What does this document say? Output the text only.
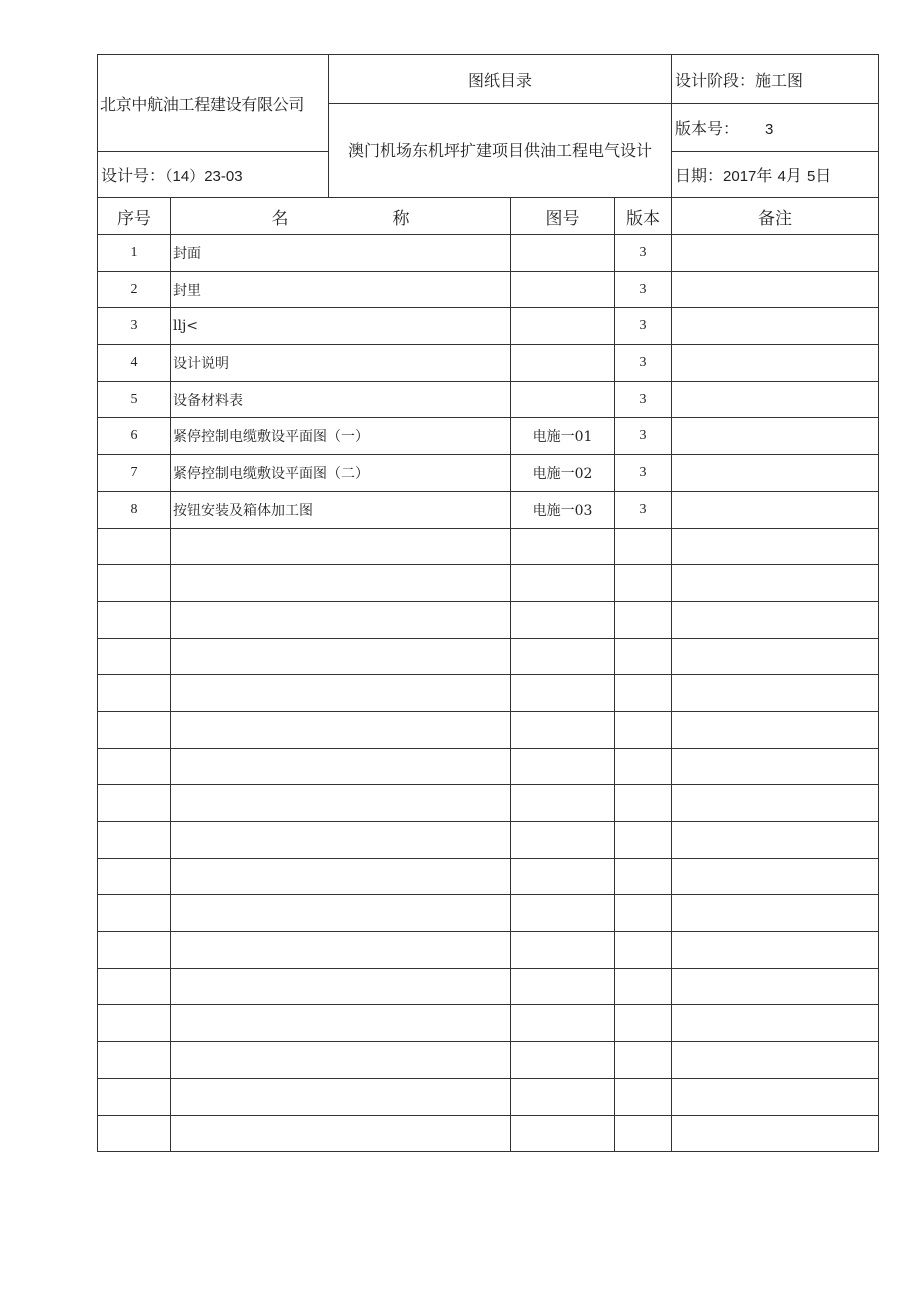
北京中航油工程建设有限公司	图纸目录	设计阶段：施工图
	澳门机场东机坪扩建项目供油工程电气设计	版本号： 3
设计号：（14）23-03		日期：2017年 4月 5日
序号	名 称	图号	版本	备注
1	封面		3	
2	封里		3	
3	llj<		3	
4	设计说明		3	
5	设备材料表		3	
6	紧停控制电缆敷设平面图（一）	电施一01	3	
7	紧停控制电缆敷设平面图（二）	电施一02	3	
8	按钮安装及箱体加工图	电施一03	3	
